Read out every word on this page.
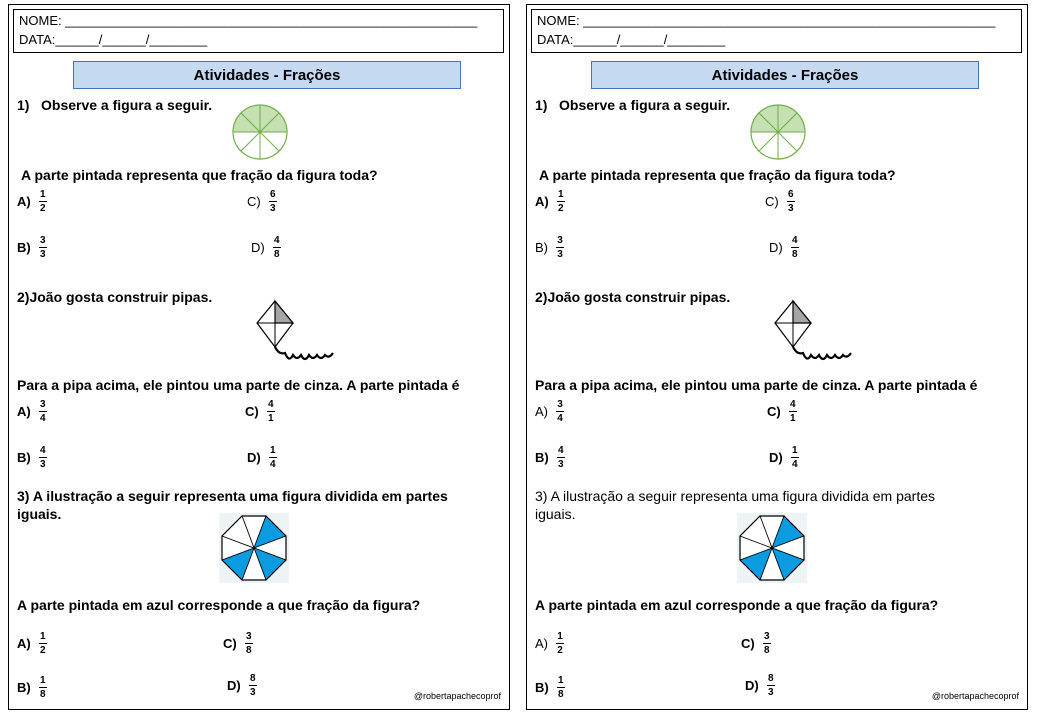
NOME: _________________________________________________________
DATA:______/______/________
Atividades - Frações
1) Observe a figura a seguir.
A parte pintada representa que fração da figura toda?
$A) \frac{1}{2}$	$C) \frac{6}{3}$
$B) \frac{3}{3}$	$D) \frac{4}{8}$
2)João gosta construir pipas.
Para a pipa acima, ele pintou uma parte de cinza. A parte pintada é
$A) \frac{3}{4}$	$C) \frac{4}{1}$
$B) \frac{4}{3}$	$D) \frac{1}{4}$
3) A ilustração a seguir representa uma figura dividida em partes
iguais.
A parte pintada em azul corresponde a que fração da figura?
$A) \frac{1}{2}$	$C) \frac{3}{8}$
$B) \frac{1}{8}$	$D) \frac{8}{3}$	@robertapachecoprof
NOME: _________________________________________________________
DATA:______/______/________
Atividades - Frações
1) Observe a figura a seguir.
A parte pintada representa que fração da figura toda?
$A) \frac{1}{2}$	$C) \frac{6}{3}$
$B) \frac{3}{3}$	$D) \frac{4}{8}$
2)João gosta construir pipas.
Para a pipa acima, ele pintou uma parte de cinza. A parte pintada é
$A) \frac{3}{4}$	$C) \frac{4}{1}$
$B) \frac{4}{3}$	$D) \frac{1}{4}$
3) A ilustração a seguir representa uma figura dividida em partes
iguais.
A parte pintada em azul corresponde a que fração da figura?
$A) \frac{1}{2}$	$C) \frac{3}{8}$
$B) \frac{1}{8}$	$D) \frac{8}{3}$	@robertapachecoprof
